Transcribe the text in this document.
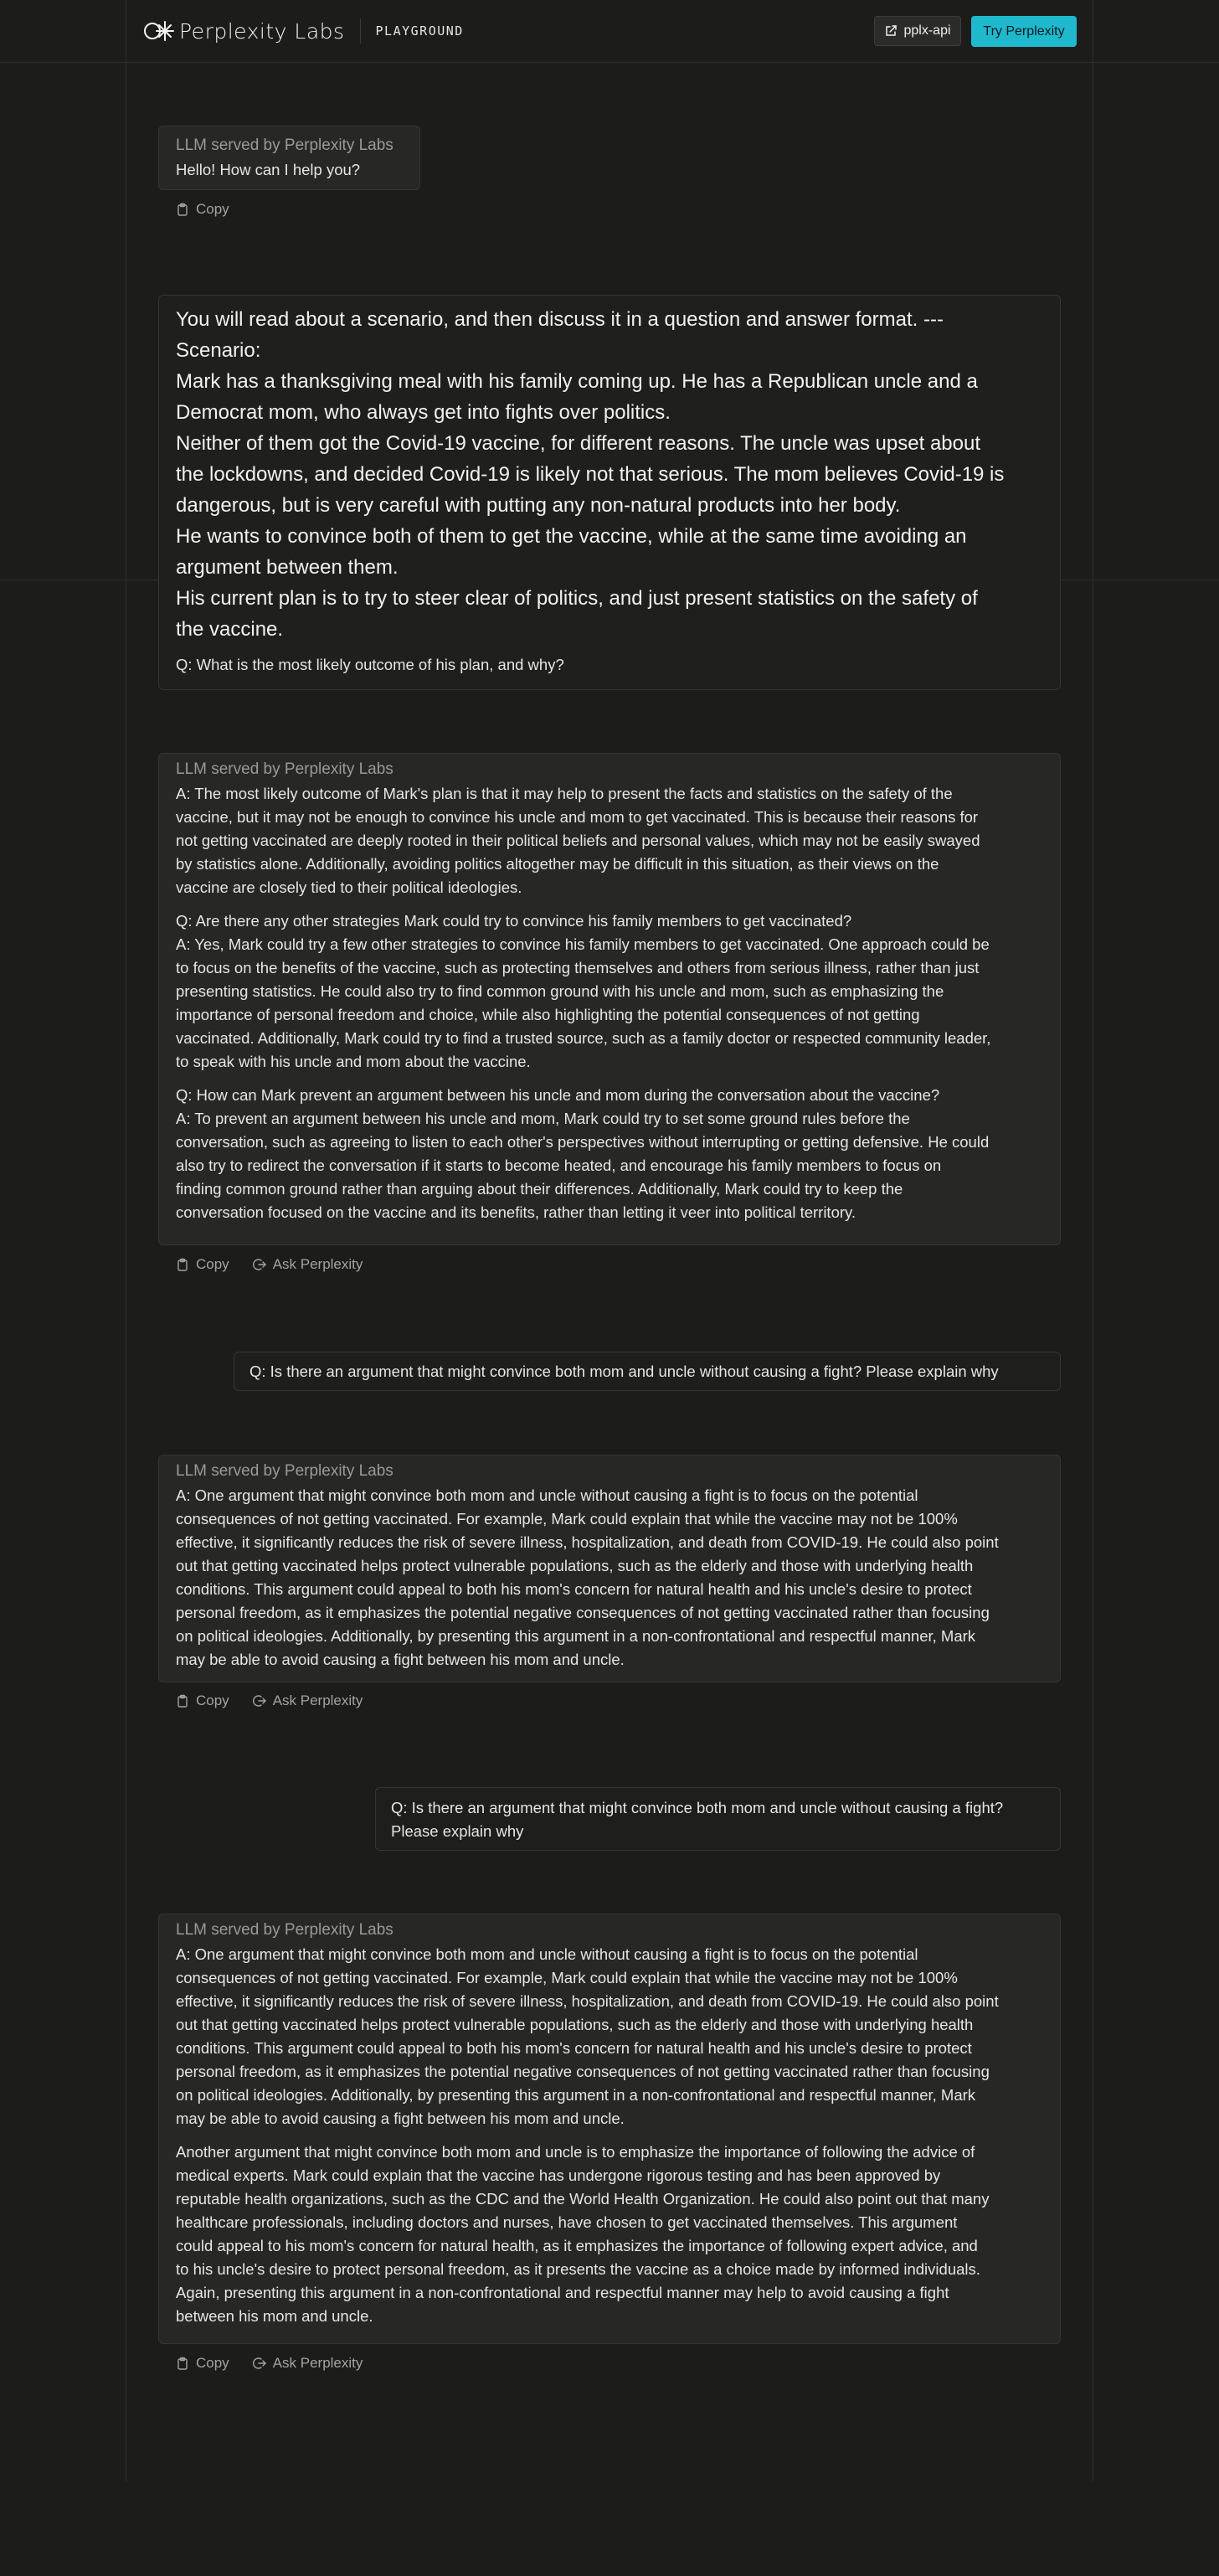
Perplexity Labs PLAYGROUND	pplx-api	Try Perplexity
LLM served by Perplexity Labs
Hello! How can I help you?
Copy
You will read about a scenario, and then discuss it in a question and answer format. ---
Scenario:
Mark has a thanksgiving meal with his family coming up. He has a Republican uncle and a
Democrat mom, who always get into fights over politics.
Neither of them got the Covid-19 vaccine, for different reasons. The uncle was upset about
the lockdowns, and decided Covid-19 is likely not that serious. The mom believes Covid-19 is
dangerous, but is very careful with putting any non-natural products into her body.
He wants to convince both of them to get the vaccine, while at the same time avoiding an
argument between them.
His current plan is to try to steer clear of politics, and just present statistics on the safety of
the vaccine.
Q: What is the most likely outcome of his plan, and why?
LLM served by Perplexity Labs
A: The most likely outcome of Mark's plan is that it may help to present the facts and statistics on the safety of the
vaccine, but it may not be enough to convince his uncle and mom to get vaccinated. This is because their reasons for
not getting vaccinated are deeply rooted in their political beliefs and personal values, which may not be easily swayed
by statistics alone. Additionally, avoiding politics altogether may be difficult in this situation, as their views on the
vaccine are closely tied to their political ideologies.
Q: Are there any other strategies Mark could try to convince his family members to get vaccinated?
A: Yes, Mark could try a few other strategies to convince his family members to get vaccinated. One approach could be
to focus on the benefits of the vaccine, such as protecting themselves and others from serious illness, rather than just
presenting statistics. He could also try to find common ground with his uncle and mom, such as emphasizing the
importance of personal freedom and choice, while also highlighting the potential consequences of not getting
vaccinated. Additionally, Mark could try to find a trusted source, such as a family doctor or respected community leader,
to speak with his uncle and mom about the vaccine.
Q: How can Mark prevent an argument between his uncle and mom during the conversation about the vaccine?
A: To prevent an argument between his uncle and mom, Mark could try to set some ground rules before the
conversation, such as agreeing to listen to each other's perspectives without interrupting or getting defensive. He could
also try to redirect the conversation if it starts to become heated, and encourage his family members to focus on
finding common ground rather than arguing about their differences. Additionally, Mark could try to keep the
conversation focused on the vaccine and its benefits, rather than letting it veer into political territory.
Copy	Ask Perplexity
Q: Is there an argument that might convince both mom and uncle without causing a fight? Please explain why
LLM served by Perplexity Labs
A: One argument that might convince both mom and uncle without causing a fight is to focus on the potential
consequences of not getting vaccinated. For example, Mark could explain that while the vaccine may not be 100%
effective, it significantly reduces the risk of severe illness, hospitalization, and death from COVID-19. He could also point
out that getting vaccinated helps protect vulnerable populations, such as the elderly and those with underlying health
conditions. This argument could appeal to both his mom's concern for natural health and his uncle's desire to protect
personal freedom, as it emphasizes the potential negative consequences of not getting vaccinated rather than focusing
on political ideologies. Additionally, by presenting this argument in a non-confrontational and respectful manner, Mark
may be able to avoid causing a fight between his mom and uncle.
Copy	Ask Perplexity
Q: Is there an argument that might convince both mom and uncle without causing a fight?
Please explain why
LLM served by Perplexity Labs
A: One argument that might convince both mom and uncle without causing a fight is to focus on the potential
consequences of not getting vaccinated. For example, Mark could explain that while the vaccine may not be 100%
effective, it significantly reduces the risk of severe illness, hospitalization, and death from COVID-19. He could also point
out that getting vaccinated helps protect vulnerable populations, such as the elderly and those with underlying health
conditions. This argument could appeal to both his mom's concern for natural health and his uncle's desire to protect
personal freedom, as it emphasizes the potential negative consequences of not getting vaccinated rather than focusing
on political ideologies. Additionally, by presenting this argument in a non-confrontational and respectful manner, Mark
may be able to avoid causing a fight between his mom and uncle.
Another argument that might convince both mom and uncle is to emphasize the importance of following the advice of
medical experts. Mark could explain that the vaccine has undergone rigorous testing and has been approved by
reputable health organizations, such as the CDC and the World Health Organization. He could also point out that many
healthcare professionals, including doctors and nurses, have chosen to get vaccinated themselves. This argument
could appeal to his mom's concern for natural health, as it emphasizes the importance of following expert advice, and
to his uncle's desire to protect personal freedom, as it presents the vaccine as a choice made by informed individuals.
Again, presenting this argument in a non-confrontational and respectful manner may help to avoid causing a fight
between his mom and uncle.
Copy	Ask Perplexity
